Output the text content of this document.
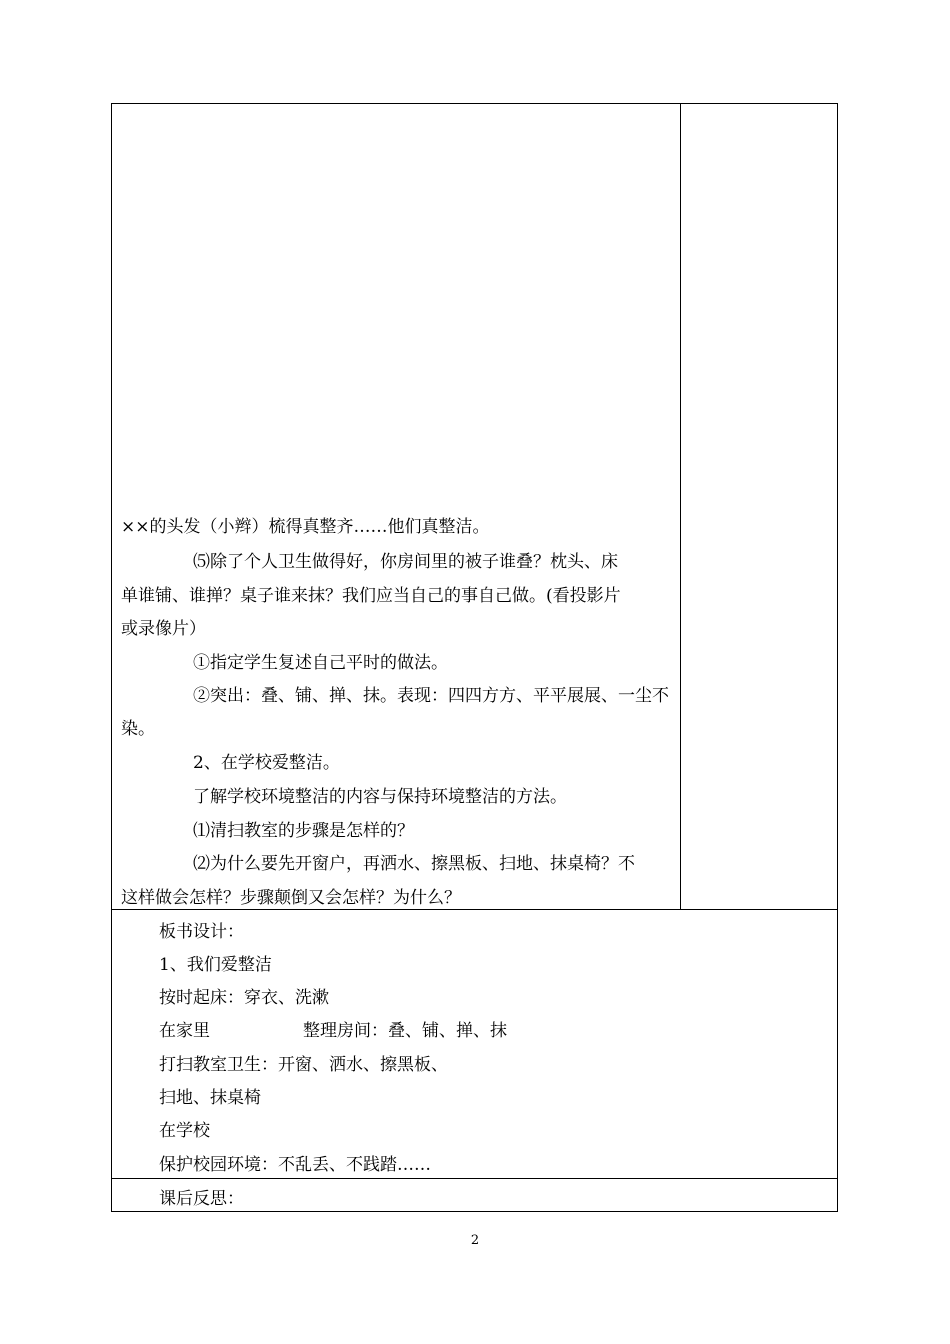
××的头发（小辫）梳得真整齐……他们真整洁。
⑸除了个人卫生做得好，你房间里的被子谁叠？枕头、床
单谁铺、谁掸？桌子谁来抹？我们应当自己的事自己做。(看投影片
或录像片）
①指定学生复述自己平时的做法。
②突出：叠、铺、掸、抹。表现：四四方方、平平展展、一尘不
染。
2、在学校爱整洁。
了解学校环境整洁的内容与保持环境整洁的方法。
⑴清扫教室的步骤是怎样的？
⑵为什么要先开窗户，再洒水、擦黑板、扫地、抹桌椅？不
这样做会怎样？步骤颠倒又会怎样？为什么？
板书设计：
1、我们爱整洁
按时起床：穿衣、洗漱
在家里	整理房间：叠、铺、掸、抹
打扫教室卫生：开窗、洒水、擦黑板、
扫地、抹桌椅
在学校
保护校园环境：不乱丢、不践踏……
课后反思：
2
